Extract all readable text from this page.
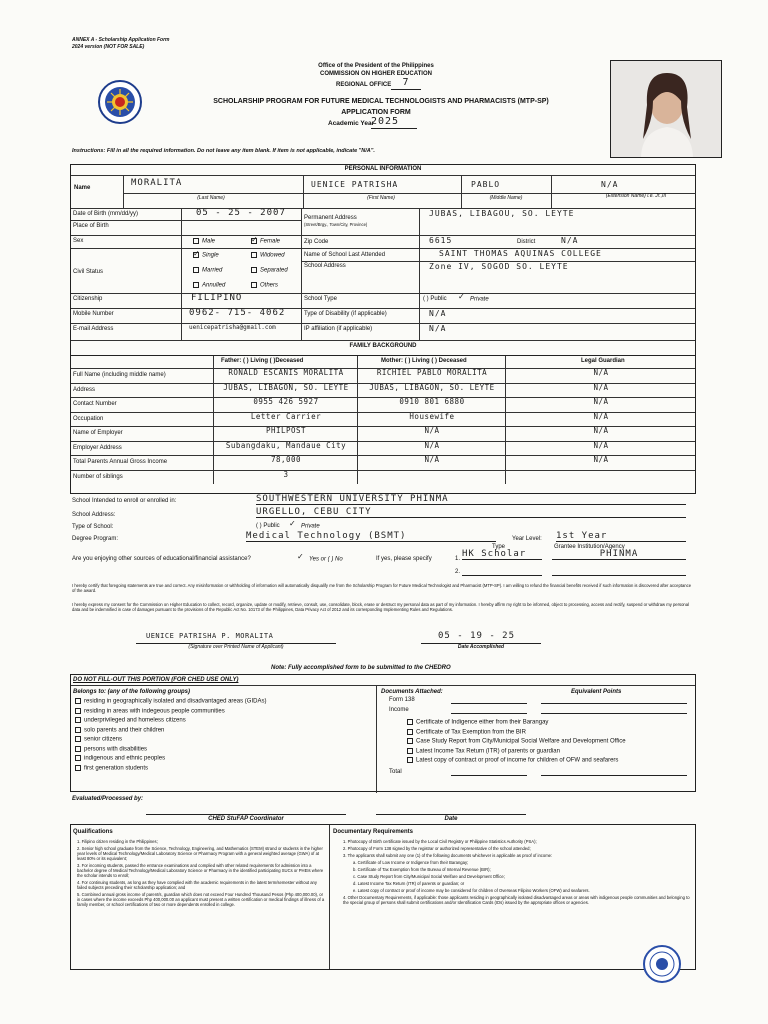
ANNEX A - Scholarship Application Form
2024 version (NOT FOR SALE)
Office of the President of the Philippines
COMMISSION ON HIGHER EDUCATION
REGIONAL OFFICE	7
SCHOLARSHIP PROGRAM FOR FUTURE MEDICAL TECHNOLOGISTS AND PHARMACISTS (MTP-SP)
APPLICATION FORM
Academic Year
2025
Instructions: Fill in all the required information. Do not leave any item blank. If item is not applicable, indicate "N/A".
PERSONAL INFORMATION
Name	MORALITA	UENICE PATRISHA	PABLO	N/A
(Last Name)	(First Name)	(Middle Name)	(Extension Name) i.e. Jr.,III
Date of Birth (mm/dd/yy)	05 - 25 - 2007	Permanent Address
(Street/Brgy., Town/City, Province)
JUBAS, LIBAGOU, SO. LEYTE
Place of Birth
Sex	Male ✓	Female	Zip Code	6615	District	N/A
Civil Status
✓Single	Widowed
Married	Separated
Annulled	Others
Name of School Last Attended	SAINT THOMAS AQUINAS COLLEGE
School Address	Zone IV, SOGOD SO. LEYTE
Citizenship	FILIPINO	School Type	( ) Public ✓	Private
Mobile Number	0962- 715- 4062	Type of Disability (if applicable)	N/A
E-mail Address	uenicepatrisha@gmail.com	IP affiliation (if applicable)	N/A
FAMILY BACKGROUND
Father: ( ) Living ( )Deceased	Mother: ( ) Living ( ) Deceased	Legal Guardian
Full Name (including middle name)	RONALD ESCANIS MORALITA	RICHIEL PABLO MORALITA	N/A
Address	JUBAS, LIBAGON, SO. LEYTE	JUBAS, LIBAGON, SO. LEYTE	N/A
Contact Number	0955 426 5927	0910 801 6880	N/A
Occupation	Letter Carrier	Housewife	N/A
Name of Employer	PHILPOST	N/A	N/A
Employer Address	Subangdaku, Mandaue City	N/A	N/A
Total Parents Annual Gross Income	78,000	N/A	N/A
Number of siblings	3
School Intended to enroll or enrolled in:	SOUTHWESTERN UNIVERSITY PHINMA
School Address:	URGELLO, CEBU CITY
Type of School:	( ) Public ✓	Private
Degree Program:	Medical Technology (BSMT)	Year Level: 1st Year
Are you enjoying other sources of educational/financial assistance? ✓	Yes or ( ) No	If yes, please specify
Type	Grantee Institution/Agency
1. HK Scholar	PHINMA
2.
I hereby certify that foregoing statements are true and correct. Any misinformation or withholding of information will automatically disqualify me from the Scholarship Program for Future Medical Technologist and Pharmacist (MTP-SP). I am willing to refund the financial benefits received if such information is discovered after acceptance of the award.
I hereby express my consent for the Commission on Higher Education to collect, record, organize, update or modify, retrieve, consult, use, consolidate, block, erase or destruct my personal data as part of my information. I hereby affirm my right to be informed, object to processing, access and rectify, suspend or withdraw my personal data and be indemnified in case of damages pursuant to the provisions of the Republic Act No. 10173 of the Philippines, Data Privacy Act of 2012 and its corresponding Implementing Rules and Regulations.
UENICE PATRISHA P. MORALITA
(Signature over Printed Name of Applicant)
05 - 19 - 25
Date Accomplished
Note: Fully accomplished form to be submitted to the CHEDRO
DO NOT FILL-OUT THIS PORTION (FOR CHED USE ONLY)
Belongs to: (any of the following groups)
residing in geographically isolated and disadvantaged areas (GIDAs)
residing in areas with indegeous people communities
underprivileged and homeless citizens
solo parents and their children
senior citizens
persons with disabilities
indigenous and ethnic peoples
first generation students
Documents Attached:	Equivalent Points
Form 138
Income
Certificate of Indigence either from their Barangay
Certificate of Tax Exemption from the BIR
Case Study Report from City/Municipal Social Welfare and Development Office
Latest Income Tax Return (ITR) of parents or guardian
Latest copy of contract or proof of income for children of OFW and seafarers
Total
Evaluated/Processed by:
CHED StuFAP Coordinator	Date
Qualifications
1. Filipino citizen residing in the Philippines;
2. Senior high school graduate from the Science, Technology, Engineering, and Mathematics (STEM) strand or students in the higher year levels of Medical Technology/Medical Laboratory Science or Pharmacy Program with a general weighted average (GWA) of at least 80% or its equivalent;
3. For incoming students, passed the entrance examinations and complied with other related requirements for admission into a bachelor degree of Medical Technology/Medical Laboratory Science or Pharmacy in the identified participating SUCs or PHEIs where the scholar intends to enroll;
4. For continuing students, as long as they have complied with the academic requirements in the latest term/semester without any failed subjects preceding their scholarship application; and
5. Combined annual gross income of parent/s, guardian which does not exceed Four Hundred Thousand Pesos (Php 400,000.00), or in cases where the income exceeds Php 400,000.00 an applicant must present a written certification or medical findings of illness of a family member, or school certifications of two or more dependents enrolled in college.
Documentary Requirements
1. Photocopy of Birth certificate issued by the Local Civil Registry or Philippine Statistics Authority (PSA);
2. Photocopy of Form 138 signed by the registrar or authorized representative of the school attended;
3. The applicants shall submit any one (1) of the following documents whichever is applicable as proof of income:
a. Certificate of Low Income or Indigence from their Barangay;
b. Certificate of Tax Exemption from the Bureau of Internal Revenue (BIR);
c. Case Study Report from City/Municipal Social Welfare and Development Office;
d. Latest Income Tax Return (ITR) of parents or guardian; or
e. Latest copy of contract or proof of income may be considered for children of Overseas Filipino Workers (OFW) and seafarers.
4. Other Documentary Requirements, if applicable: those applicants residing in geographically isolated disadvantaged areas or areas with indigenous people communities and belonging to the special group of persons shall submit certifications and/or Identification Cards (IDs) issued by the appropriate offices or agencies.
